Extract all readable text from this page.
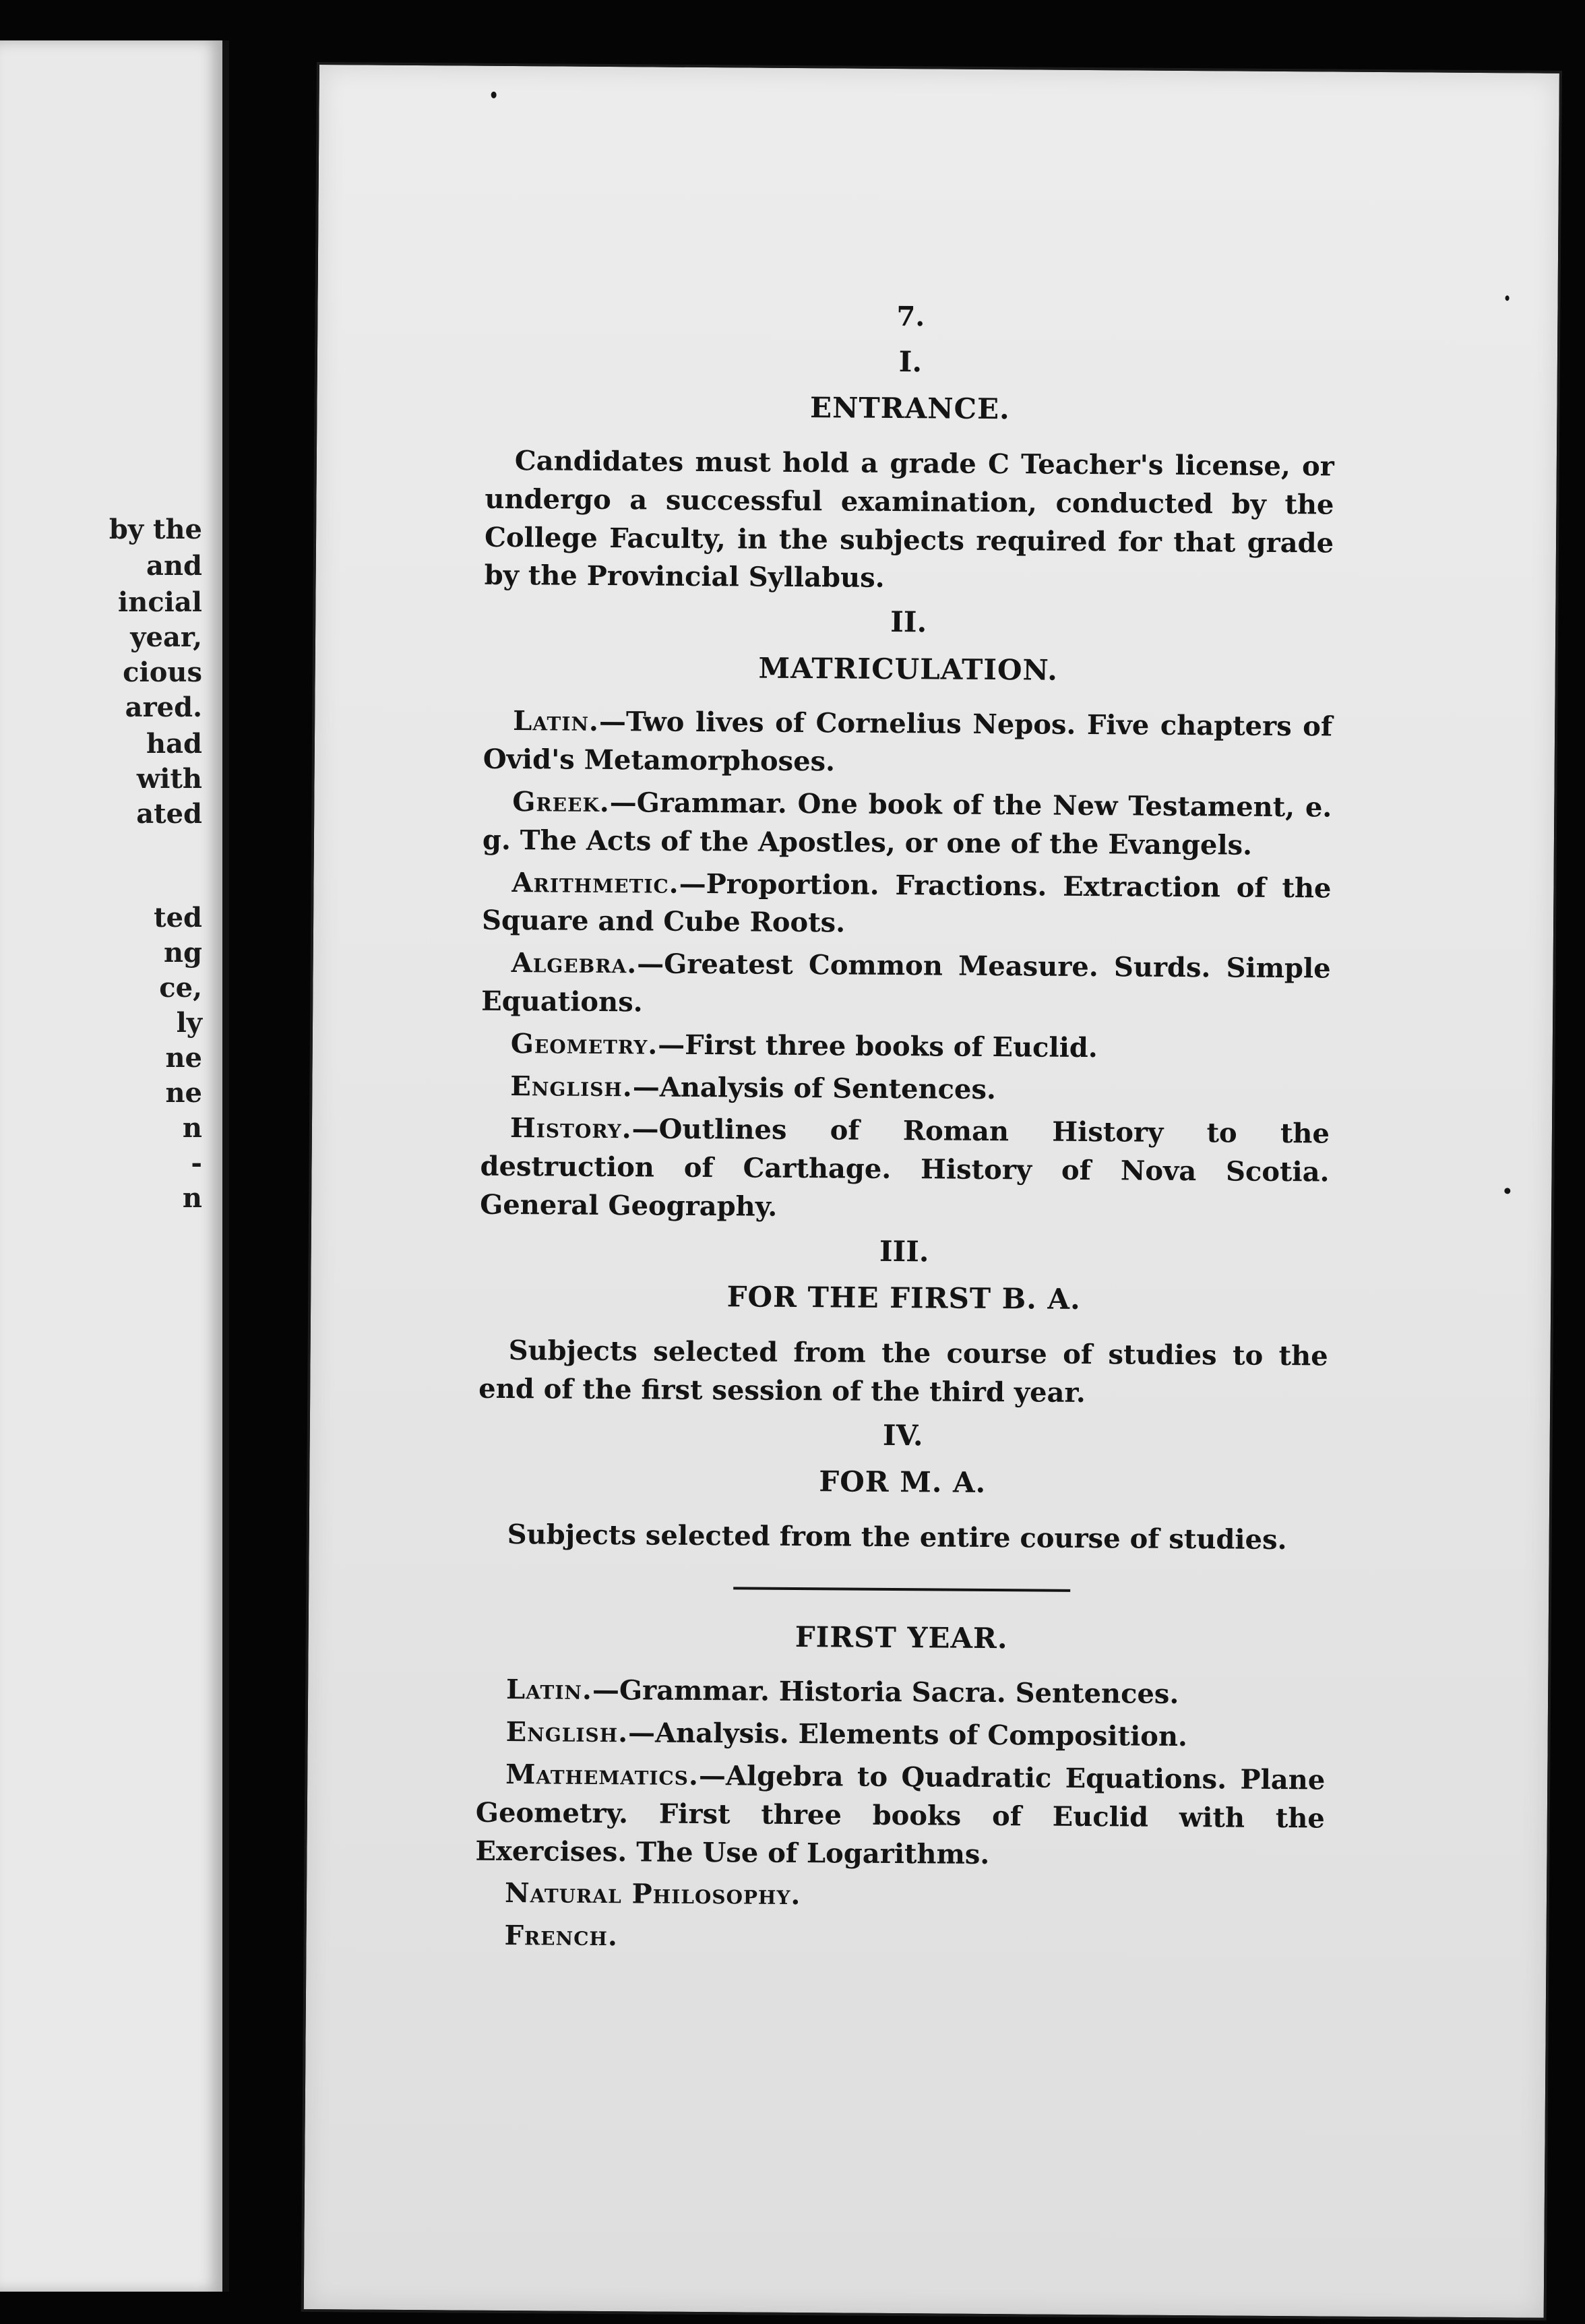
by the
and
incial
year,
cious
ared.
had
with
ated
ted
ng
ce,
ly
ne
ne
n
-
n
7.
I.
ENTRANCE.

Candidates must hold a grade C Teacher's license, or undergo a successful examination, conducted by the College Faculty, in the subjects required for that grade by the Provincial Syllabus.

II.
MATRICULATION.

Latin.—Two lives of Cornelius Nepos. Five chapters of Ovid's Metamorphoses.

Greek.—Grammar. One book of the New Testament, e. g. The Acts of the Apostles, or one of the Evangels.

Arithmetic.—Proportion. Fractions. Extraction of the Square and Cube Roots.

Algebra.—Greatest Common Measure. Surds. Simple Equations.

Geometry.—First three books of Euclid.

English.—Analysis of Sentences.

History.—Outlines of Roman History to the destruction of Carthage. History of Nova Scotia. General Geography.

III.
FOR THE FIRST B. A.

Subjects selected from the course of studies to the end of the first session of the third year.

IV.
FOR M. A.

Subjects selected from the entire course of studies.

FIRST YEAR.

Latin.—Grammar. Historia Sacra. Sentences.

English.—Analysis. Elements of Composition.

Mathematics.—Algebra to Quadratic Equations. Plane Geometry. First three books of Euclid with the Exercises. The Use of Logarithms.

Natural Philosophy.

French.
